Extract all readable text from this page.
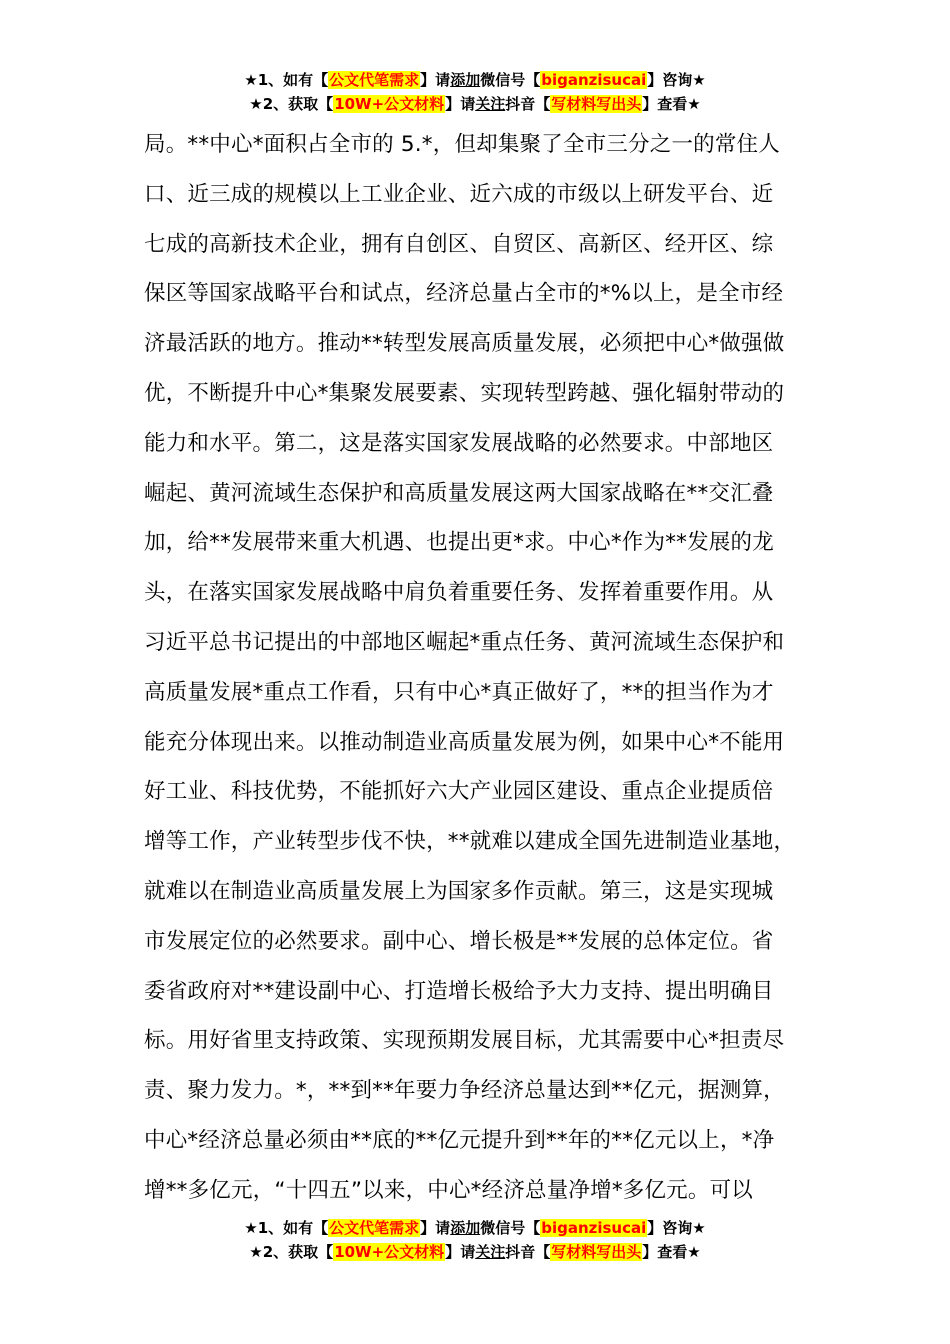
★1、如有【公文代笔需求】请添加微信号【biganzisucai】咨询★
★2、获取【10W+公文材料】请关注抖音【写材料写出头】查看★
局。**中心*面积占全市的 5.*，但却集聚了全市三分之一的常住人
口、近三成的规模以上工业企业、近六成的市级以上研发平台、近
七成的高新技术企业，拥有自创区、自贸区、高新区、经开区、综
保区等国家战略平台和试点，经济总量占全市的*%以上，是全市经
济最活跃的地方。推动**转型发展高质量发展，必须把中心*做强做
优，不断提升中心*集聚发展要素、实现转型跨越、强化辐射带动的
能力和水平。第二，这是落实国家发展战略的必然要求。中部地区
崛起、黄河流域生态保护和高质量发展这两大国家战略在**交汇叠
加，给**发展带来重大机遇、也提出更*求。中心*作为**发展的龙
头，在落实国家发展战略中肩负着重要任务、发挥着重要作用。从
习近平总书记提出的中部地区崛起*重点任务、黄河流域生态保护和
高质量发展*重点工作看，只有中心*真正做好了，**的担当作为才
能充分体现出来。以推动制造业高质量发展为例，如果中心*不能用
好工业、科技优势，不能抓好六大产业园区建设、重点企业提质倍
增等工作，产业转型步伐不快，**就难以建成全国先进制造业基地，
就难以在制造业高质量发展上为国家多作贡献。第三，这是实现城
市发展定位的必然要求。副中心、增长极是**发展的总体定位。省
委省政府对**建设副中心、打造增长极给予大力支持、提出明确目
标。用好省里支持政策、实现预期发展目标，尤其需要中心*担责尽
责、聚力发力。*，**到**年要力争经济总量达到**亿元，据测算，
中心*经济总量必须由**底的**亿元提升到**年的**亿元以上，*净
增**多亿元，“十四五”以来，中心*经济总量净增*多亿元。可以
★1、如有【公文代笔需求】请添加微信号【biganzisucai】咨询★
★2、获取【10W+公文材料】请关注抖音【写材料写出头】查看★
